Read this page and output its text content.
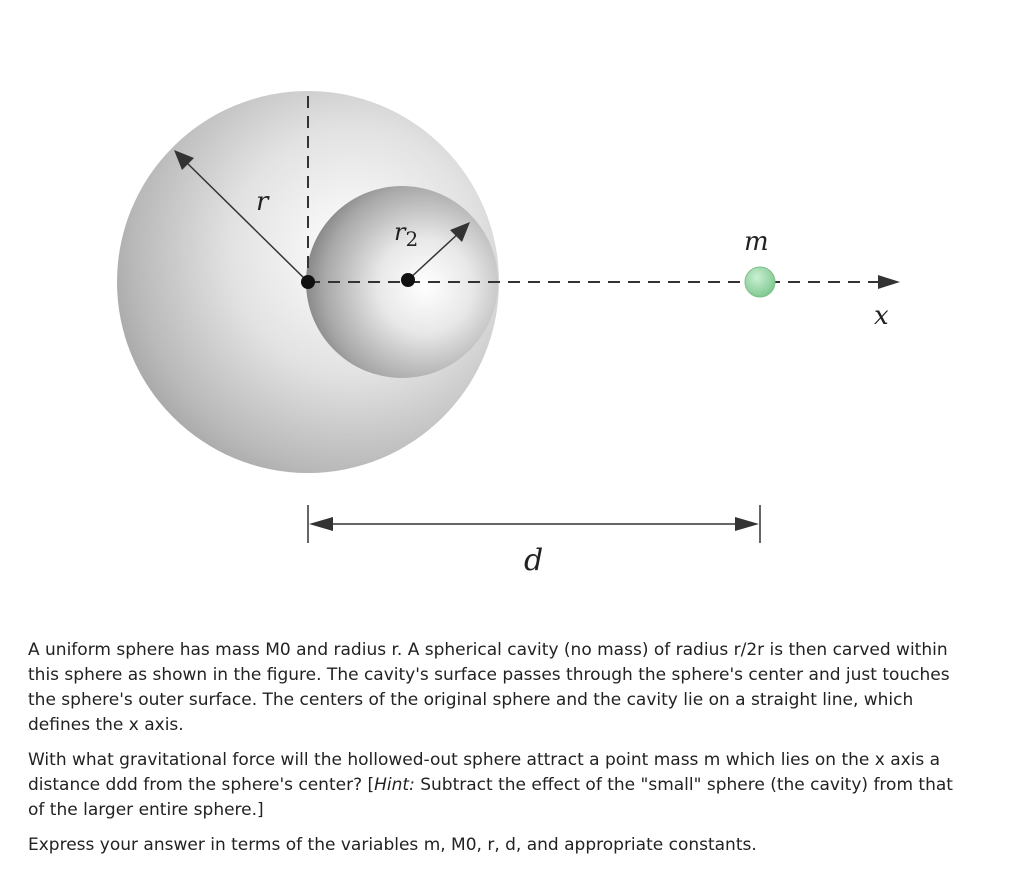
r
$r_2$	m
x
d

A uniform sphere has mass M0 and radius r. A spherical cavity (no mass) of radius r/2r is then carved within this sphere as shown in the figure. The cavity's surface passes through the sphere's center and just touches the sphere's outer surface. The centers of the original sphere and the cavity lie on a straight line, which defines the x axis.

With what gravitational force will the hollowed-out sphere attract a point mass m which lies on the x axis a distance ddd from the sphere's center? [Hint: Subtract the effect of the "small" sphere (the cavity) from that of the larger entire sphere.]

Express your answer in terms of the variables m, M0, r, d, and appropriate constants.
